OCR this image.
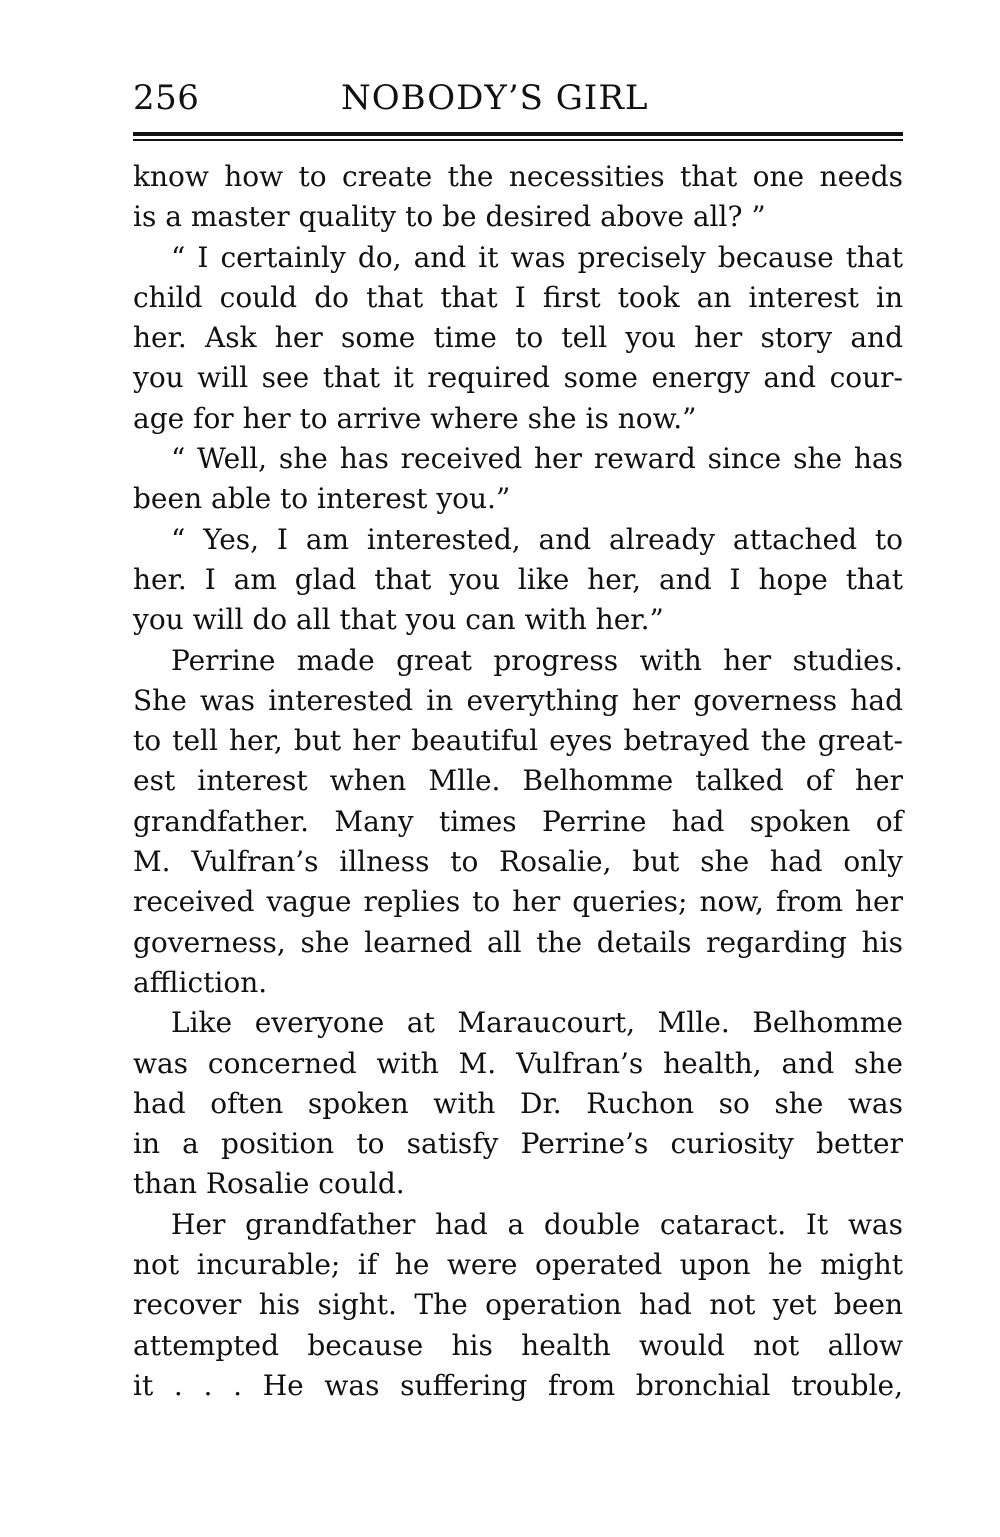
256	NOBODY’S GIRL
know how to create the necessities that one needs
is a master quality to be desired above all? ”
“ I certainly do, and it was precisely because that
child could do that that I first took an interest in
her. Ask her some time to tell you her story and
you will see that it required some energy and cour-
age for her to arrive where she is now.”
“ Well, she has received her reward since she has
been able to interest you.”
“ Yes, I am interested, and already attached to
her. I am glad that you like her, and I hope that
you will do all that you can with her.”
Perrine made great progress with her studies.
She was interested in everything her governess had
to tell her, but her beautiful eyes betrayed the great-
est interest when Mlle. Belhomme talked of her
grandfather. Many times Perrine had spoken of
M. Vulfran’s illness to Rosalie, but she had only
received vague replies to her queries; now, from her
governess, she learned all the details regarding his
affliction.
Like everyone at Maraucourt, Mlle. Belhomme
was concerned with M. Vulfran’s health, and she
had often spoken with Dr. Ruchon so she was
in a position to satisfy Perrine’s curiosity better
than Rosalie could.
Her grandfather had a double cataract. It was
not incurable; if he were operated upon he might
recover his sight. The operation had not yet been
attempted because his health would not allow
it . . . He was suffering from bronchial trouble,
